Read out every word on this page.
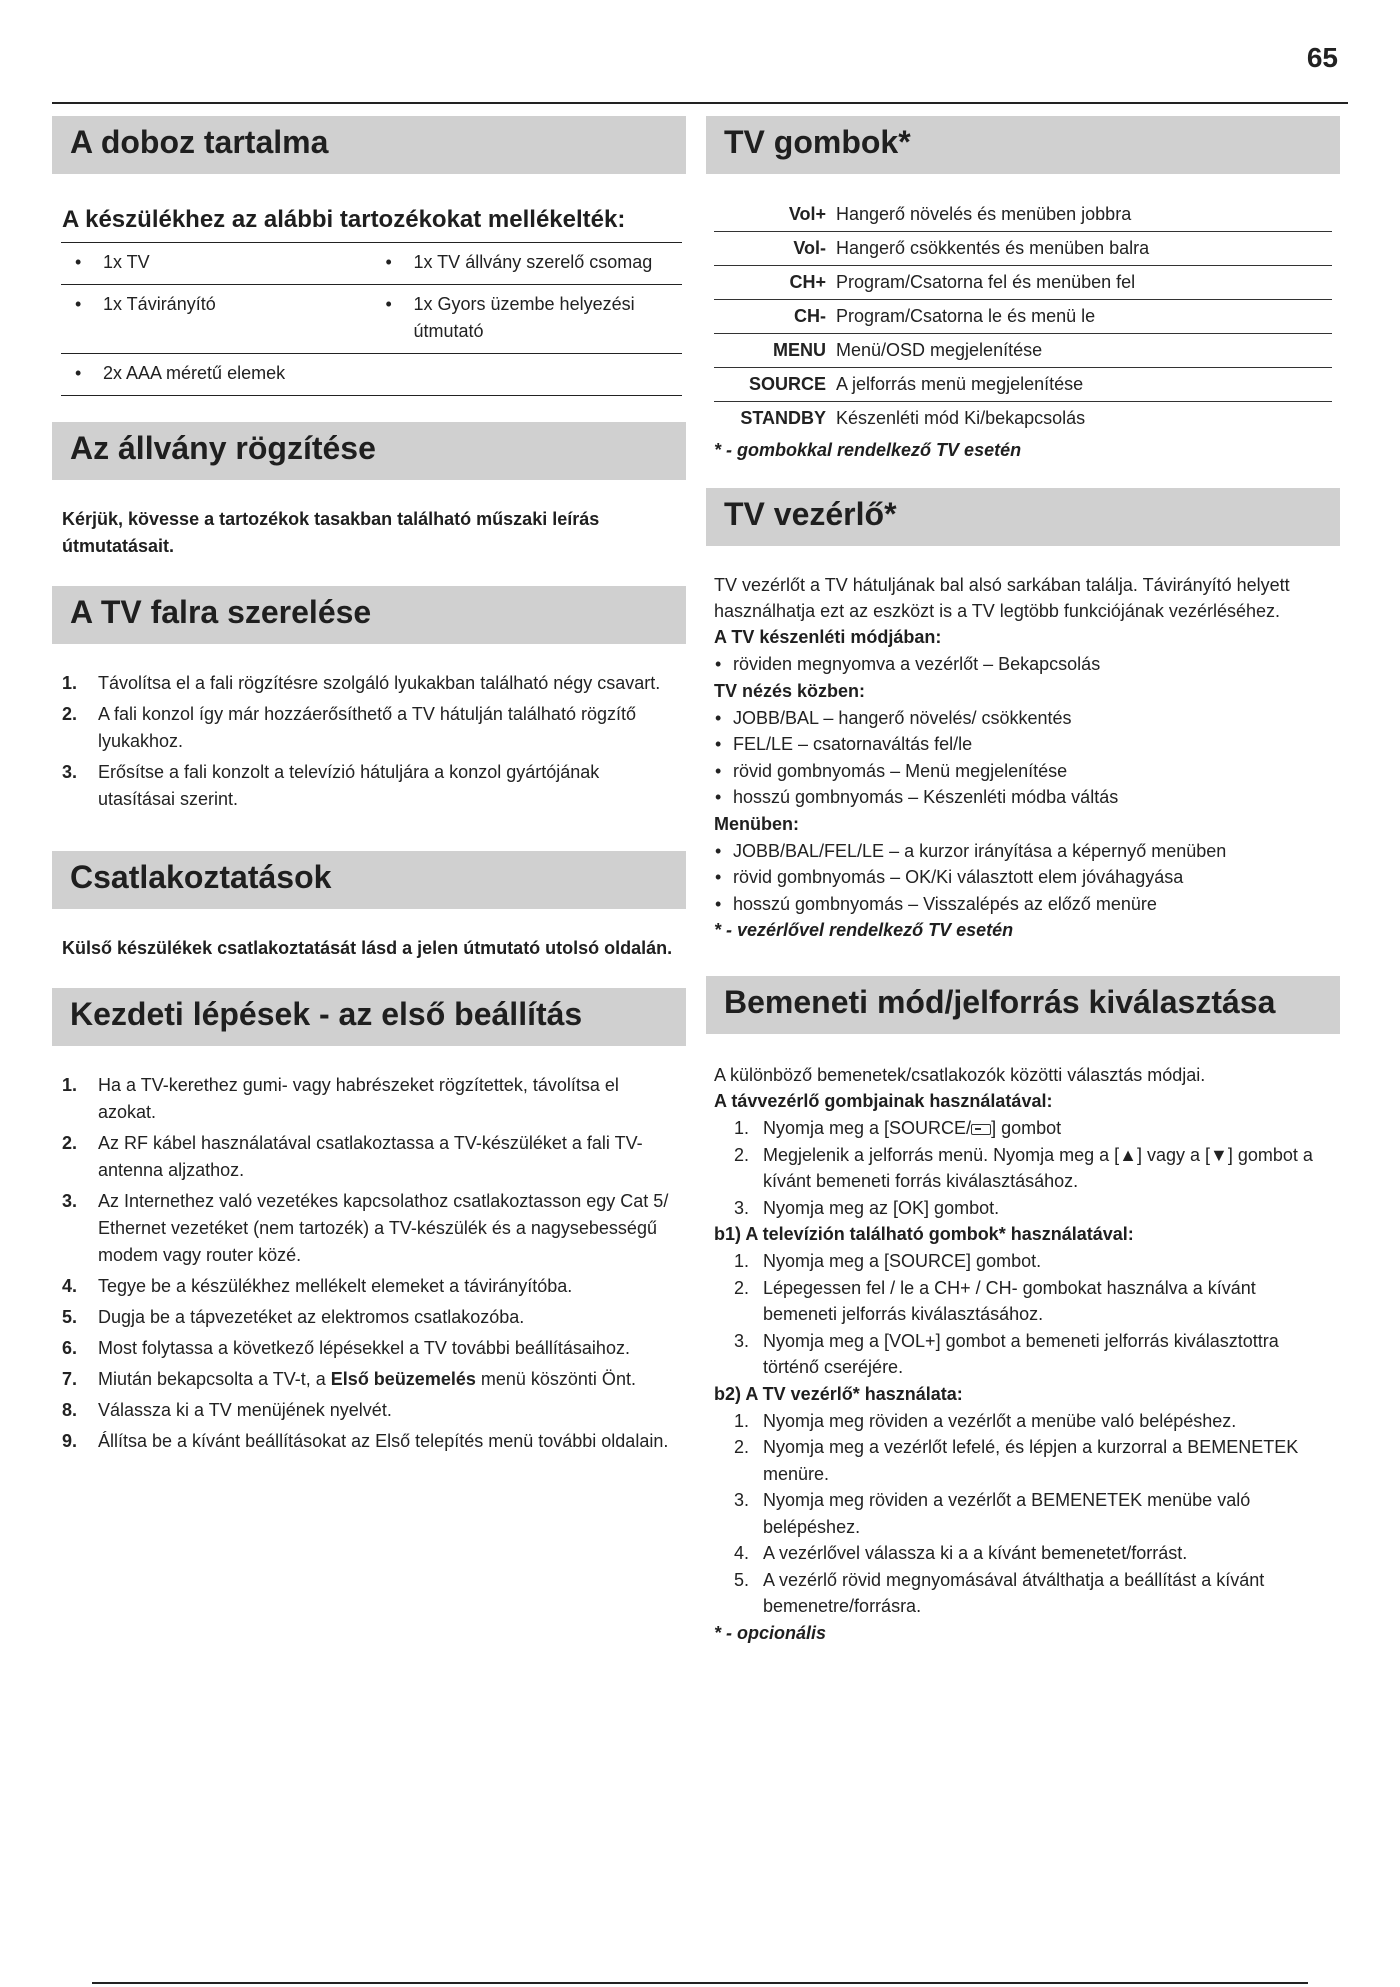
65
A doboz tartalma
A készülékhez az alábbi tartozékokat mellékelték:
• 1x TV	• 1x TV állvány szerelő csomag
• 1x Távirányító	• 1x Gyors üzembe helyezési útmutató
• 2x AAA méretű elemek
Az állvány rögzítése
Kérjük, kövesse a tartozékok tasakban található műszaki leírás útmutatásait.
A TV falra szerelése
1.	Távolítsa el a fali rögzítésre szolgáló lyukakban található négy csavart.
2.	A fali konzol így már hozzáerősíthető a TV hátulján található rögzítő lyukakhoz.
3.	Erősítse a fali konzolt a televízió hátuljára a konzol gyártójának utasításai szerint.
Csatlakoztatások
Külső készülékek csatlakoztatását lásd a jelen útmutató utolsó oldalán.
Kezdeti lépések - az első beállítás
1.	Ha a TV-kerethez gumi- vagy habrészeket rögzítettek, távolítsa el azokat.
2.	Az RF kábel használatával csatlakoztassa a TV-készüléket a fali TV-antenna aljzathoz.
3.	Az Internethez való vezetékes kapcsolathoz csatlakoztasson egy Cat 5/ Ethernet vezetéket (nem tartozék) a TV-készülék és a nagysebességű modem vagy router közé.
4.	Tegye be a készülékhez mellékelt elemeket a távirányítóba.
5.	Dugja be a tápvezetéket az elektromos csatlakozóba.
6.	Most folytassa a következő lépésekkel a TV további beállításaihoz.
7.	Miután bekapcsolta a TV-t, a Első beüzemelés menü köszönti Önt.
8.	Válassza ki a TV menüjének nyelvét.
9.	Állítsa be a kívánt beállításokat az Első telepítés menü további oldalain.
TV gombok*
Vol+ Hangerő növelés és menüben jobbra
Vol- Hangerő csökkentés és menüben balra
CH+ Program/Csatorna fel és menüben fel
CH- Program/Csatorna le és menü le
MENU Menü/OSD megjelenítése
SOURCE A jelforrás menü megjelenítése
STANDBY Készenléti mód Ki/bekapcsolás
* - gombokkal rendelkező TV esetén
TV vezérlő*
TV vezérlőt a TV hátuljának bal alsó sarkában találja. Távirányító helyett használhatja ezt az eszközt is a TV legtöbb funkciójának vezérléséhez.
A TV készenléti módjában:
• röviden megnyomva a vezérlőt – Bekapcsolás
TV nézés közben:
• JOBB/BAL – hangerő növelés/ csökkentés
• FEL/LE – csatornaváltás fel/le
• rövid gombnyomás – Menü megjelenítése
• hosszú gombnyomás – Készenléti módba váltás
Menüben:
• JOBB/BAL/FEL/LE – a kurzor irányítása a képernyő menüben
• rövid gombnyomás – OK/Ki választott elem jóváhagyása
• hosszú gombnyomás – Visszalépés az előző menüre
* - vezérlővel rendelkező TV esetén
Bemeneti mód/jelforrás kiválasztása
A különböző bemenetek/csatlakozók közötti választás módjai.
A távvezérlő gombjainak használatával:
1. Nyomja meg a [SOURCE/ ] gombot
2. Megjelenik a jelforrás menü. Nyomja meg a [▲] vagy a [▼] gombot a kívánt bemeneti forrás kiválasztásához.
3. Nyomja meg az [OK] gombot.
b1) A televízión található gombok* használatával:
1. Nyomja meg a [SOURCE] gombot.
2. Lépegessen fel / le a CH+ / CH- gombokat használva a kívánt bemeneti jelforrás kiválasztásához.
3. Nyomja meg a [VOL+] gombot a bemeneti jelforrás kiválasztottra történő cseréjére.
b2) A TV vezérlő* használata:
1. Nyomja meg röviden a vezérlőt a menübe való belépéshez.
2. Nyomja meg a vezérlőt lefelé, és lépjen a kurzorral a BEMENETEK menüre.
3. Nyomja meg röviden a vezérlőt a BEMENETEK menübe való belépéshez.
4. A vezérlővel válassza ki a a kívánt bemenetet/forrást.
5. A vezérlő rövid megnyomásával átválthatja a beállítást a kívánt bemenetre/forrásra.
* - opcionális
